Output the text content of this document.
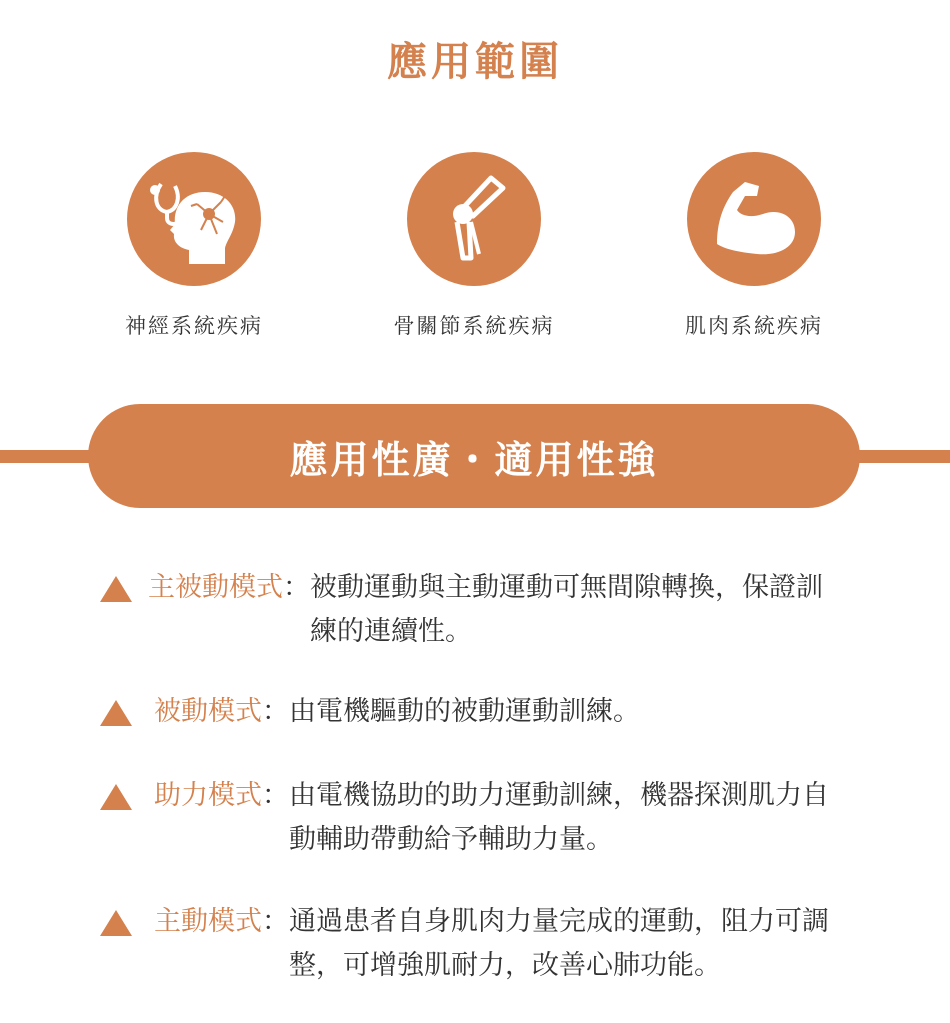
應用範圍
神經系統疾病	骨關節系統疾病	肌肉系統疾病
應用性廣・適用性強
主被動模式 ： 被動運動與主動運動可無間隙轉換，保證訓練的連續性。
被動模式 ： 由電機驅動的被動運動訓練。
助力模式 ： 由電機協助的助力運動訓練，機器探測肌力自動輔助帶動給予輔助力量。
主動模式 ： 通過患者自身肌肉力量完成的運動，阻力可調整，可增強肌耐力，改善心肺功能。
